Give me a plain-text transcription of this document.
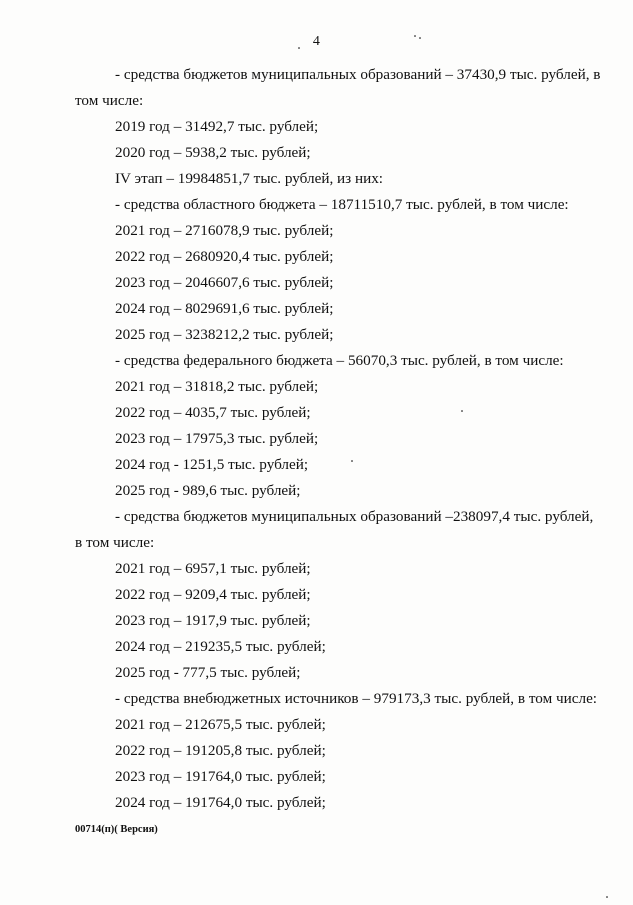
4

- средства бюджетов муниципальных образований – 37430,9 тыс. рублей, в

том числе:

2019 год – 31492,7 тыс. рублей;

2020 год – 5938,2 тыс. рублей;

IV этап – 19984851,7 тыс. рублей, из них:

- средства областного бюджета – 18711510,7 тыс. рублей, в том числе:

2021 год – 2716078,9 тыс. рублей;

2022 год – 2680920,4 тыс. рублей;

2023 год – 2046607,6 тыс. рублей;

2024 год – 8029691,6 тыс. рублей;

2025 год – 3238212,2 тыс. рублей;

- средства федерального бюджета – 56070,3 тыс. рублей, в том числе:

2021 год – 31818,2 тыс. рублей;

2022 год – 4035,7 тыс. рублей;

2023 год – 17975,3 тыс. рублей;

2024 год - 1251,5 тыс. рублей;

2025 год - 989,6 тыс. рублей;

- средства бюджетов муниципальных образований –238097,4 тыс. рублей,

в том числе:

2021 год – 6957,1 тыс. рублей;

2022 год – 9209,4 тыс. рублей;

2023 год – 1917,9 тыс. рублей;

2024 год – 219235,5 тыс. рублей;

2025 год - 777,5 тыс. рублей;

- средства внебюджетных источников – 979173,3 тыс. рублей, в том числе:

2021 год – 212675,5 тыс. рублей;

2022 год – 191205,8 тыс. рублей;

2023 год – 191764,0 тыс. рублей;

2024 год – 191764,0 тыс. рублей;

00714(п)( Версия)
